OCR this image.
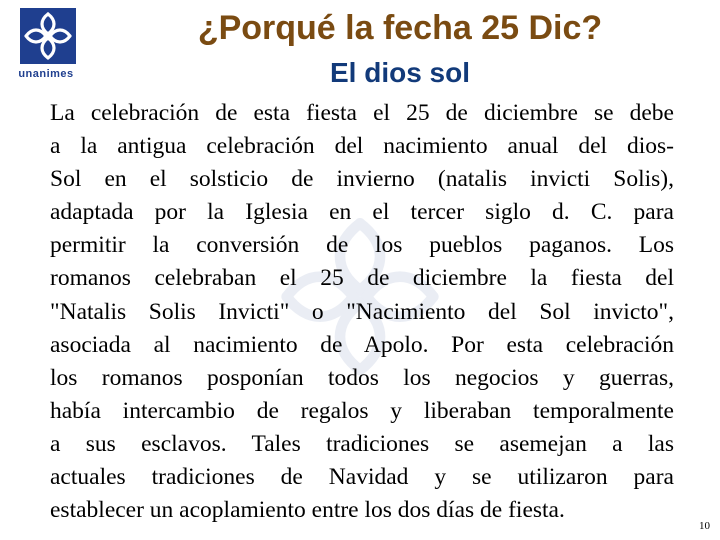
unanimes
¿Porqué la fecha 25 Dic?
El dios sol
La celebración de esta fiesta el 25 de diciembre se debe
a la antigua celebración del nacimiento anual del dios-
Sol en el solsticio de invierno (natalis invicti Solis),
adaptada por la Iglesia en el tercer siglo d. C. para
permitir la conversión de los pueblos paganos. Los
romanos celebraban el 25 de diciembre la fiesta del
"Natalis Solis Invicti" o "Nacimiento del Sol invicto",
asociada al nacimiento de Apolo. Por esta celebración
los romanos posponían todos los negocios y guerras,
había intercambio de regalos y liberaban temporalmente
a sus esclavos. Tales tradiciones se asemejan a las
actuales tradiciones de Navidad y se utilizaron para
establecer un acoplamiento entre los dos días de fiesta.
10
